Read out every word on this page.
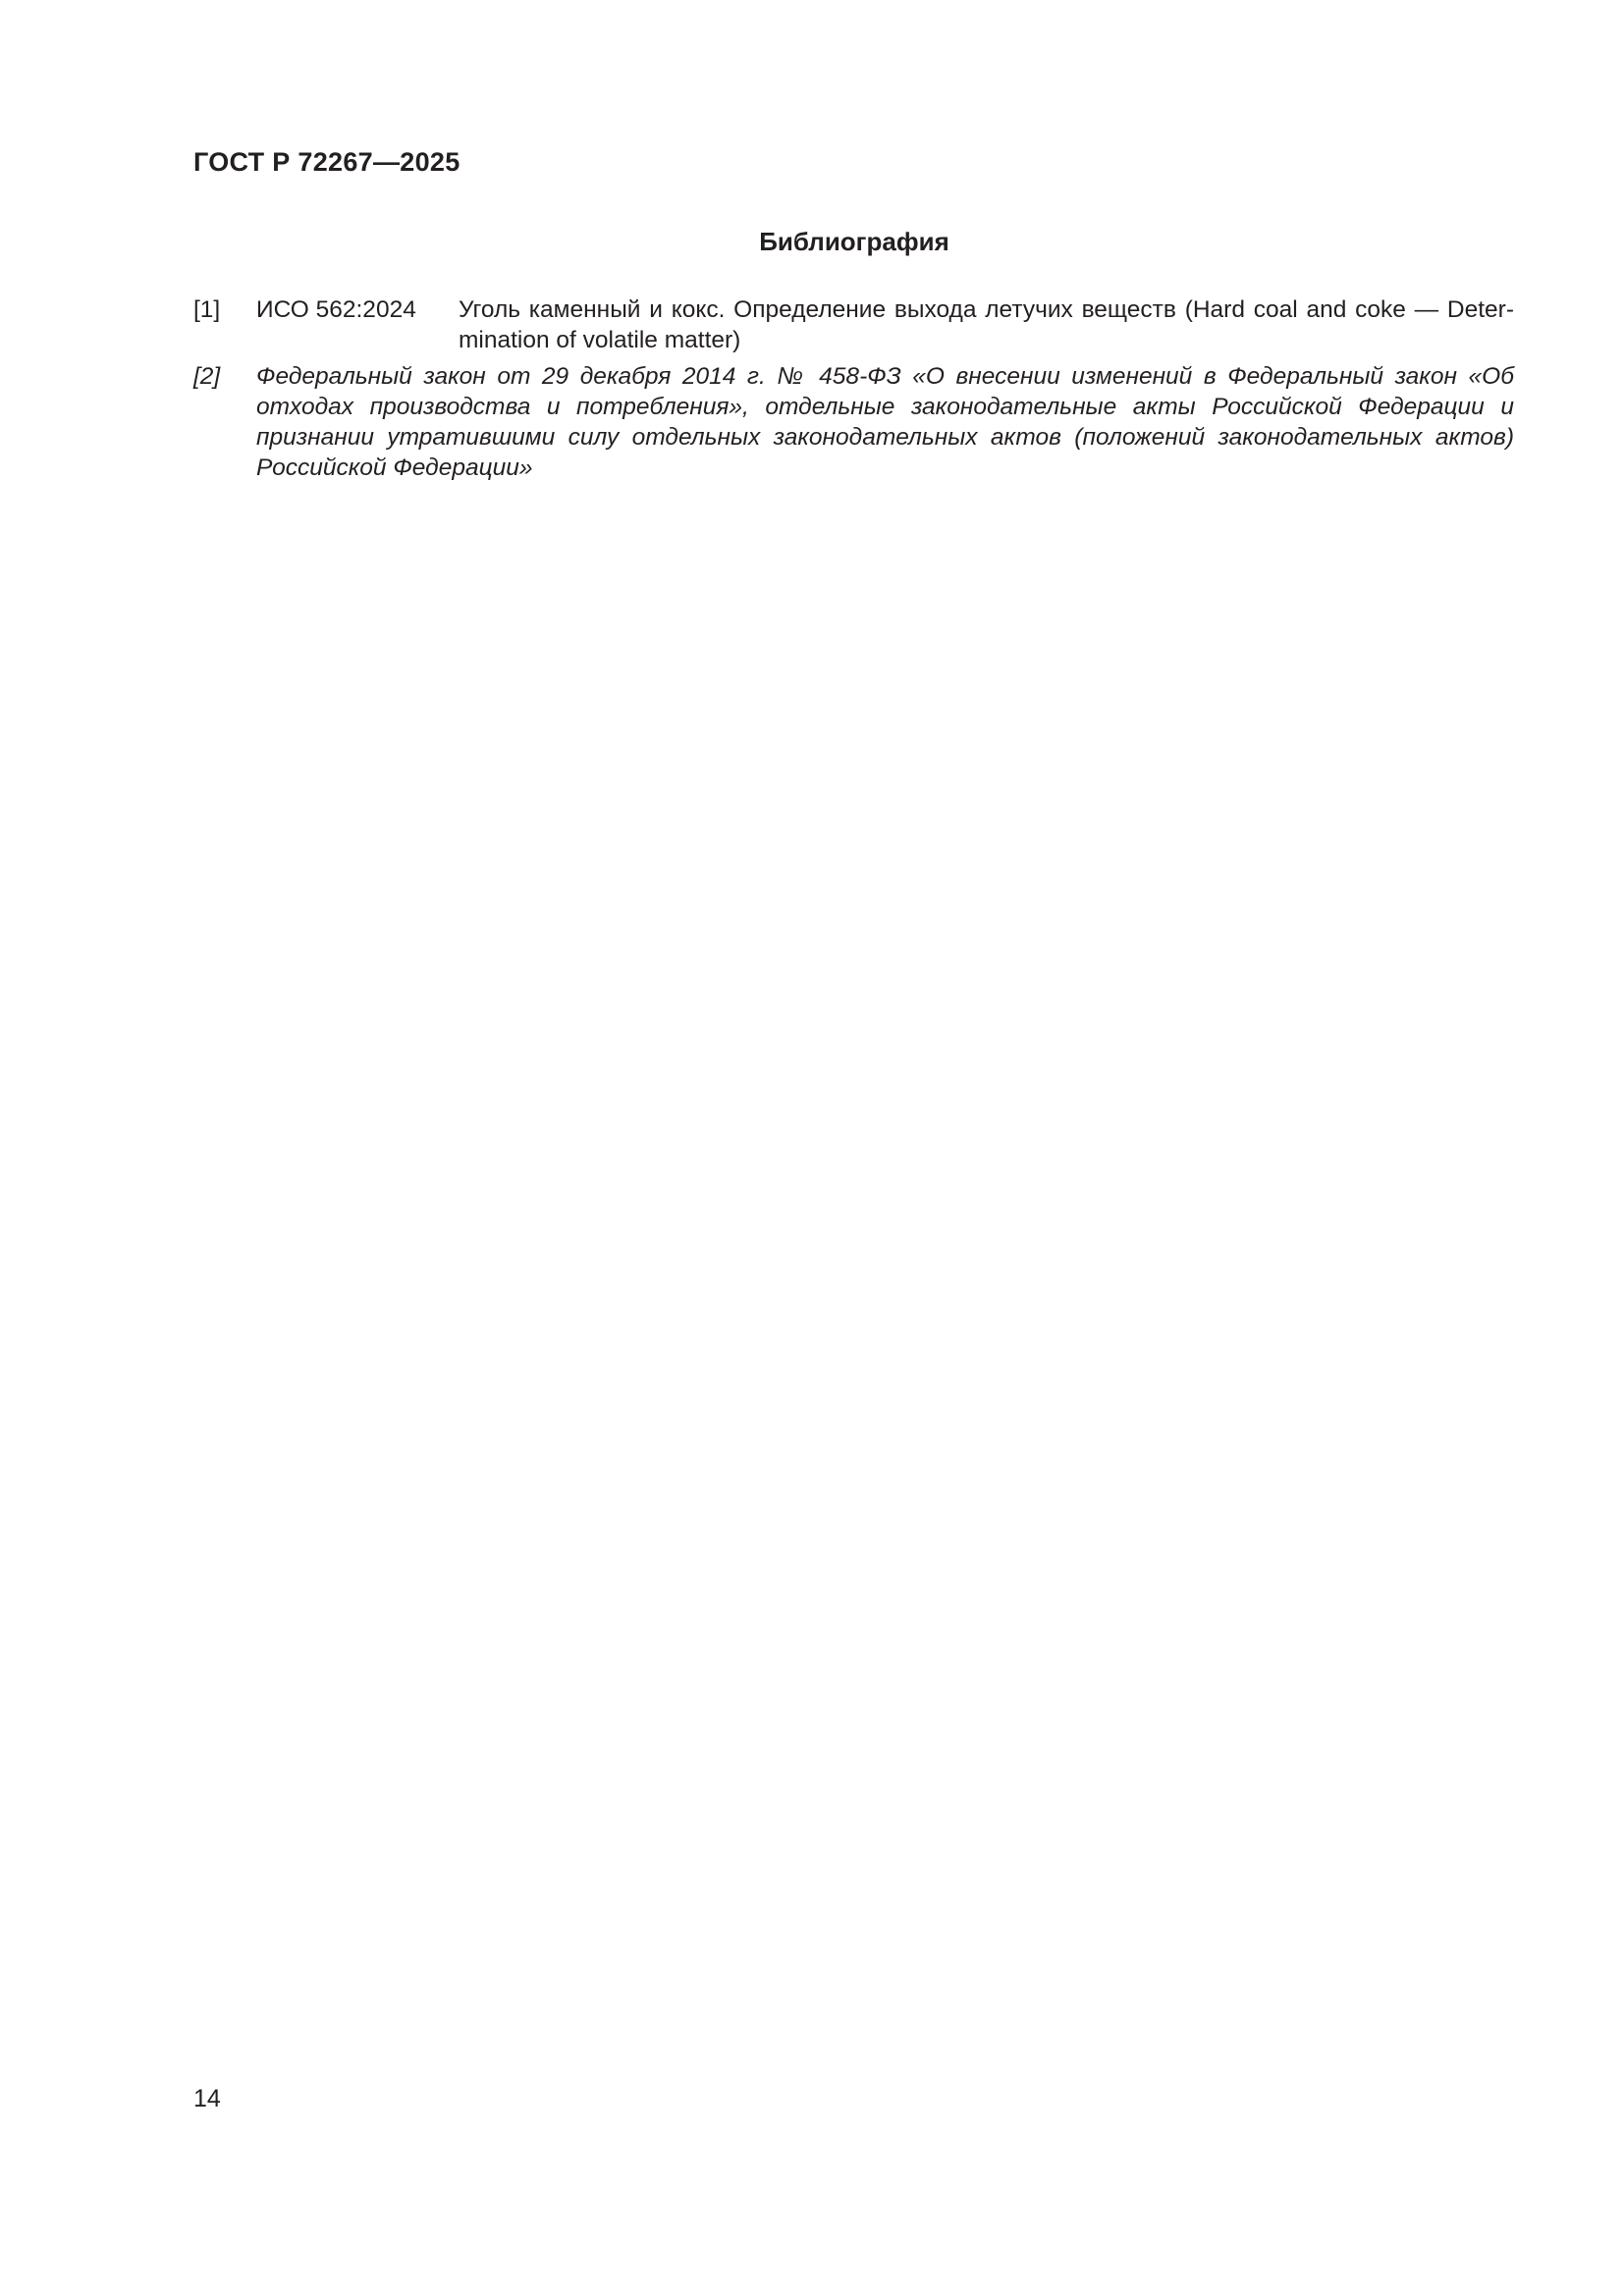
ГОСТ Р 72267—2025
Библиография
[1] ИСО 562:2024 Уголь каменный и кокс. Определение выхода летучих веществ (Hard coal and coke — Determination of volatile matter)
[2] Федеральный закон от 29 декабря 2014 г. № 458-ФЗ «О внесении изменений в Федеральный закон «Об отходах производства и потребления», отдельные законодательные акты Российской Федерации и признании утратившими силу отдельных законодательных актов (положений законодательных актов) Российской Федерации»
14
